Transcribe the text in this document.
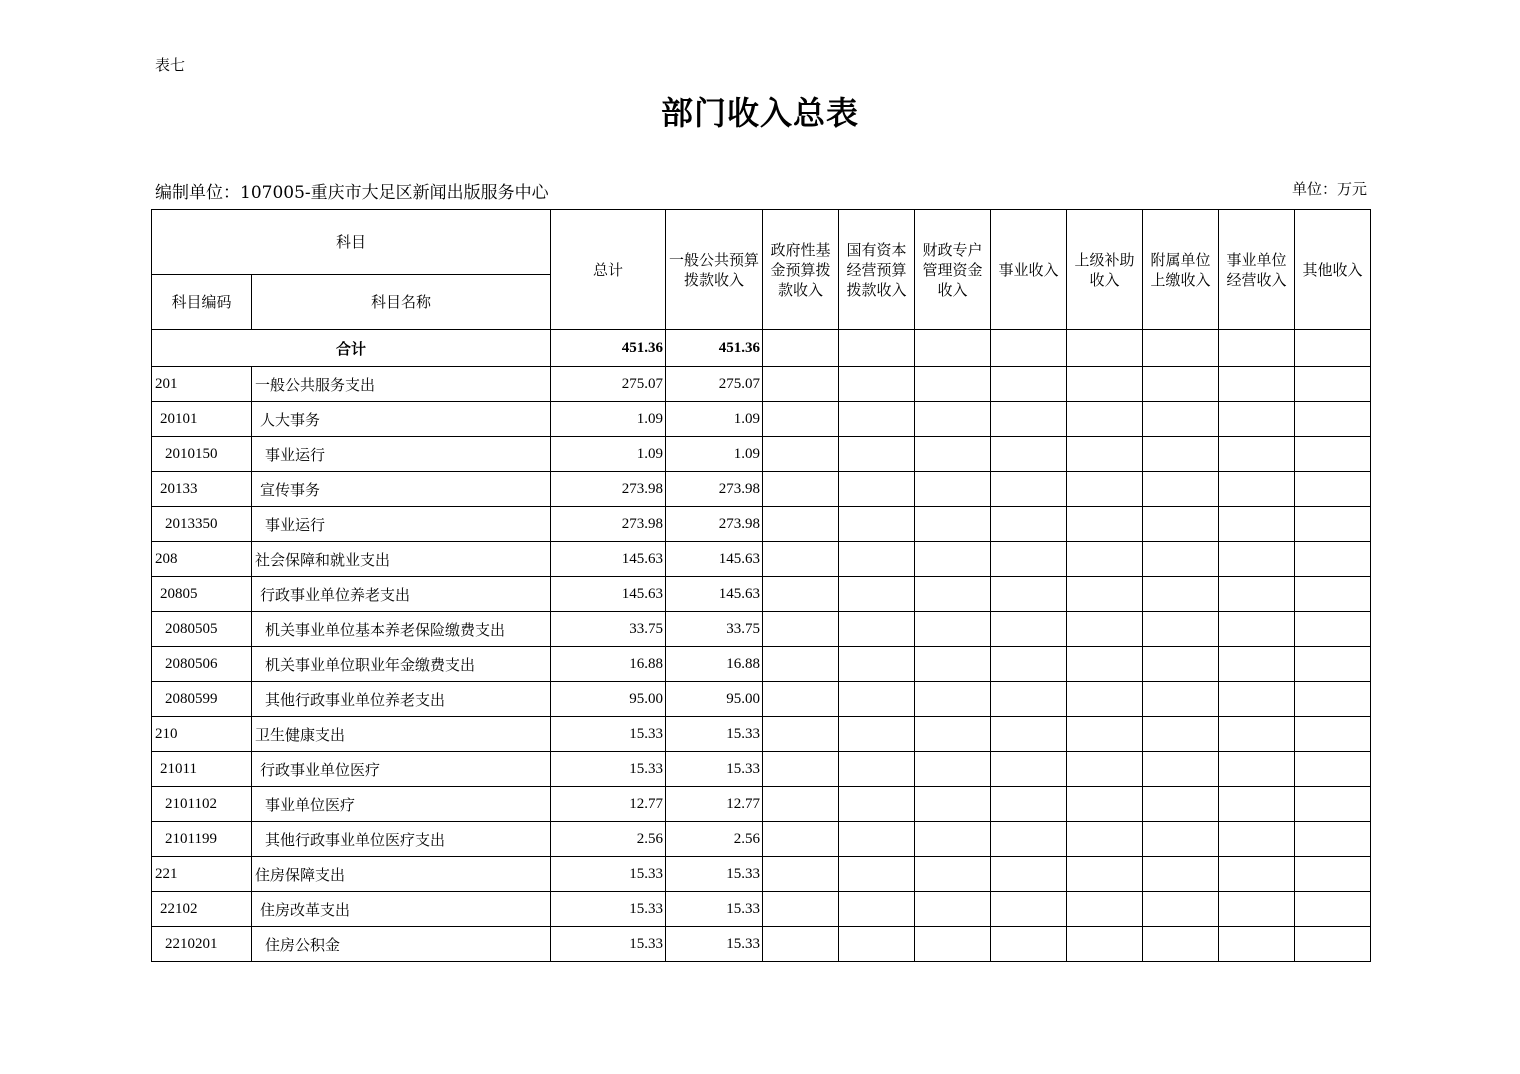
表七
部门收入总表
编制单位：107005-重庆市大足区新闻出版服务中心	单位：万元
科目		总计	一般公共预算拨款收入	政府性基金预算拨款收入	国有资本经营预算拨款收入	财政专户管理资金收入	事业收入	上级补助收入	附属单位上缴收入	事业单位经营收入	其他收入
科目编码	科目名称										
合计		451.36	451.36								
201	一般公共服务支出	275.07	275.07								
20101	人大事务	1.09	1.09								
2010150	事业运行	1.09	1.09								
20133	宣传事务	273.98	273.98								
2013350	事业运行	273.98	273.98								
208	社会保障和就业支出	145.63	145.63								
20805	行政事业单位养老支出	145.63	145.63								
2080505	机关事业单位基本养老保险缴费支出	33.75	33.75								
2080506	机关事业单位职业年金缴费支出	16.88	16.88								
2080599	其他行政事业单位养老支出	95.00	95.00								
210	卫生健康支出	15.33	15.33								
21011	行政事业单位医疗	15.33	15.33								
2101102	事业单位医疗	12.77	12.77								
2101199	其他行政事业单位医疗支出	2.56	2.56								
221	住房保障支出	15.33	15.33								
22102	住房改革支出	15.33	15.33								
2210201	住房公积金	15.33	15.33								
